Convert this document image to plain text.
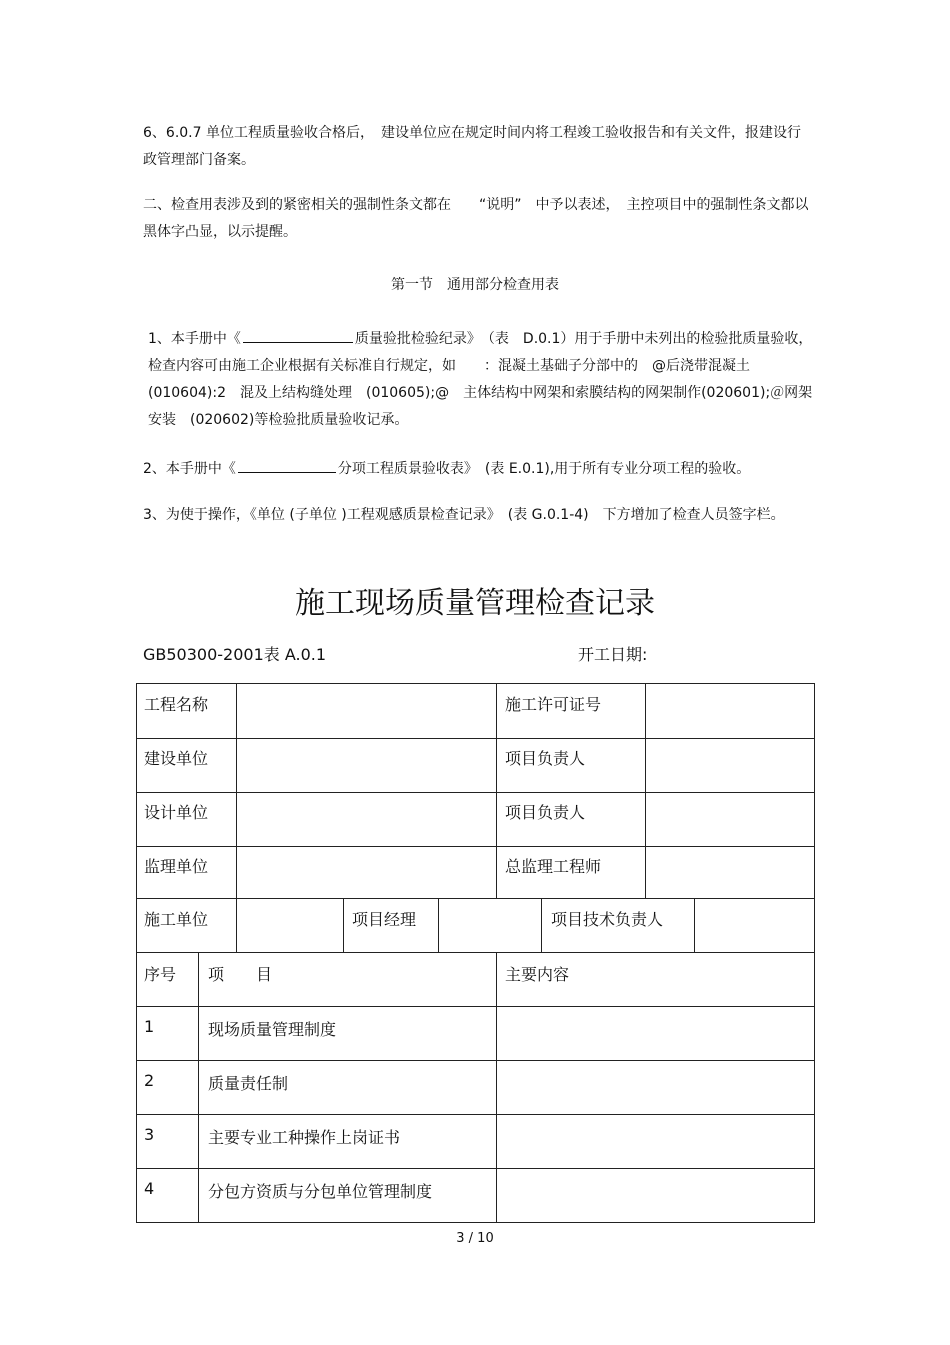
6、6.0.7 单位工程质量验收合格后，　建设单位应在规定时间内将工程竣工验收报告和有关文件，报建设行政管理部门备案。
二、检查用表涉及到的紧密相关的强制性条文都在　　“说明”　中予以表述，　主控项目中的强制性条文都以黑体字凸显，以示提醒。
第一节　通用部分检查用表
1、本手册中《	质量验批检验纪录》　（表　D.0.1）用于手册中未列出的检验批质量验收，检查内容可由施工企业根据有关标准自行规定，如　　：混凝土基础子分部中的　@后浇带混凝土　(010604):2　混及上结构缝处理　(010605);@　主体结构中网架和索膜结构的网架制作(020601);＠网架安装　(020602)等检验批质量验收记承。
2、本手册中《	分项工程质景验收表》　(表 E.0.1),用于所有专业分项工程的验收。
3、为使于操作，《单位 (子单位 )工程观感质景检查记录》　(表 G.0.1-4)　下方增加了检查人员签字栏。
施工现场质量管理检查记录
GB50300-2001表 A.0.1	开工日期:
工程名称	施工许可证号
建设单位	项目负责人
设计单位	项目负责人
监理单位	总监理工程师
施工单位	项目经理	项目技术负责人
序号 项　　目	主要内容
1	现场质量管理制度
2	质量责任制
3	主要专业工种操作上岗证书
4	分包方资质与分包单位管理制度
3 / 10
